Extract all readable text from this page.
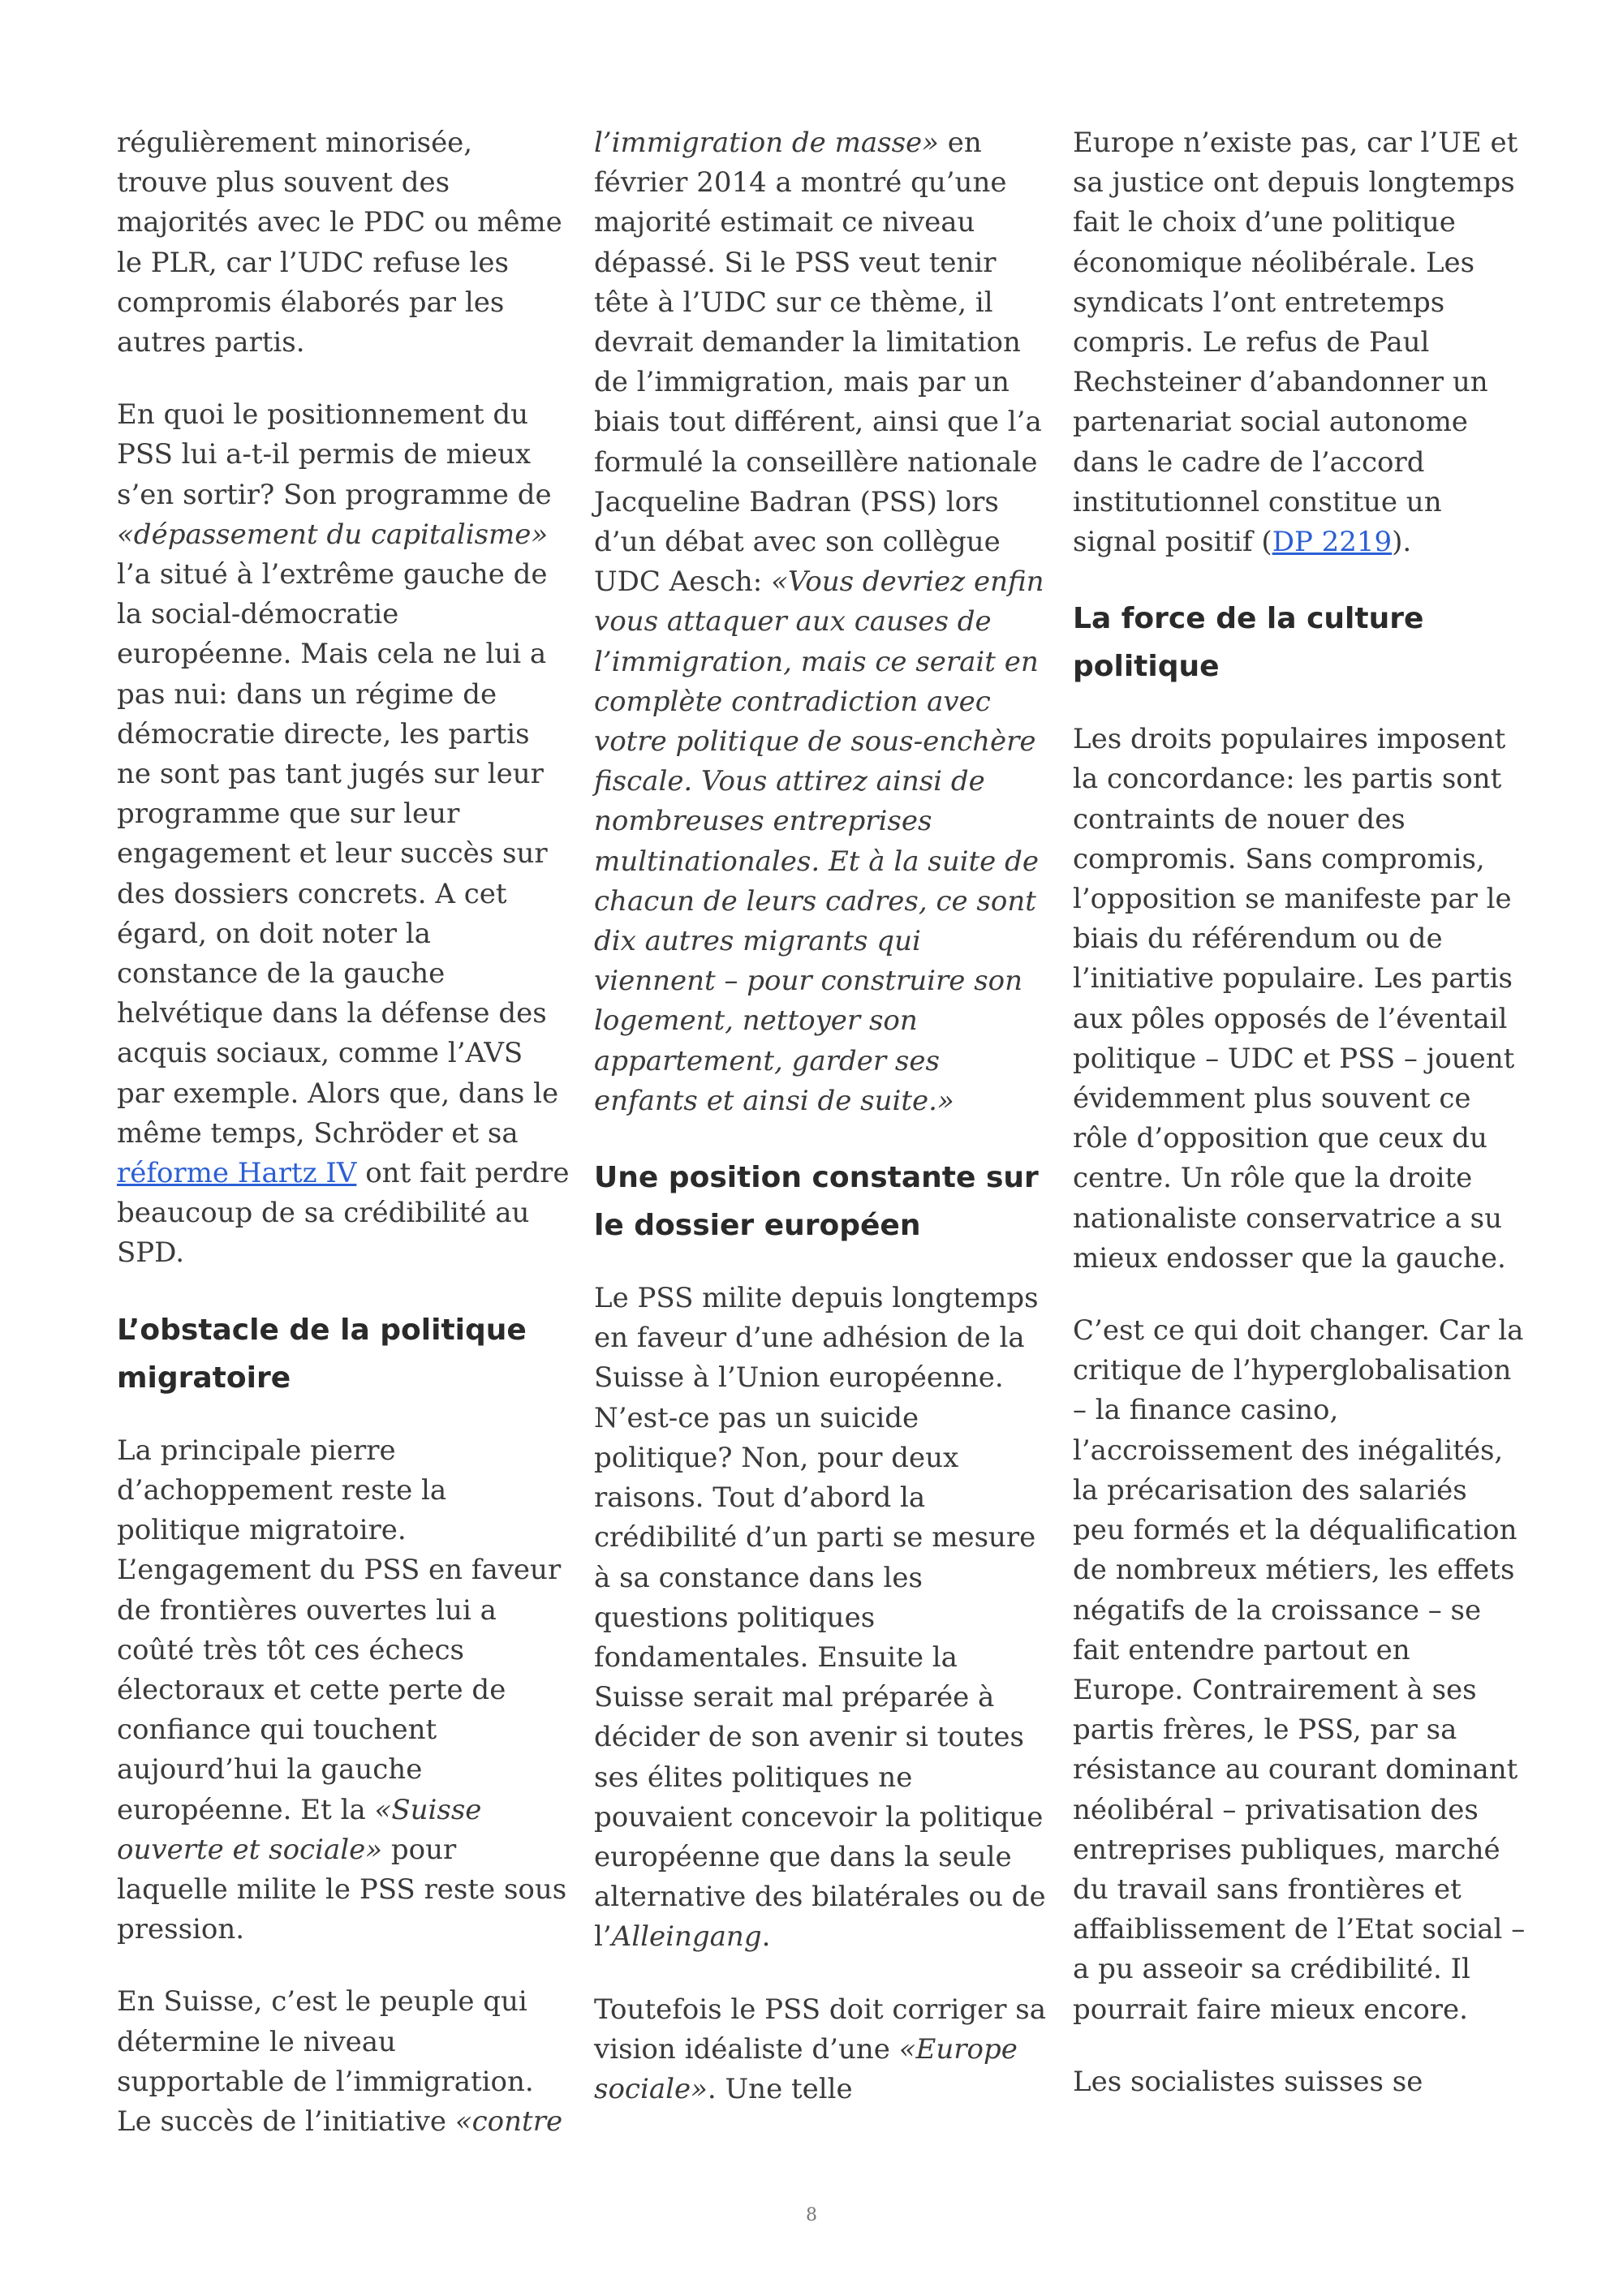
régulièrement minorisée, trouve plus souvent des majorités avec le PDC ou même le PLR, car l’UDC refuse les compromis élaborés par les autres partis.

En quoi le positionnement du PSS lui a-t-il permis de mieux s’en sortir? Son programme de «dépassement du capitalisme» l’a situé à l’extrême gauche de la social-démocratie européenne. Mais cela ne lui a pas nui: dans un régime de démocratie directe, les partis ne sont pas tant jugés sur leur programme que sur leur engagement et leur succès sur des dossiers concrets. A cet égard, on doit noter la constance de la gauche helvétique dans la défense des acquis sociaux, comme l’AVS par exemple. Alors que, dans le même temps, Schröder et sa réforme Hartz IV ont fait perdre beaucoup de sa crédibilité au SPD.

L’obstacle de la politique migratoire

La principale pierre d’achoppement reste la politique migratoire. L’engagement du PSS en faveur de frontières ouvertes lui a coûté très tôt ces échecs électoraux et cette perte de confiance qui touchent aujourd’hui la gauche européenne. Et la «Suisse ouverte et sociale» pour laquelle milite le PSS reste sous pression.

En Suisse, c’est le peuple qui détermine le niveau supportable de l’immigration. Le succès de l’initiative «contre

l’immigration de masse» en février 2014 a montré qu’une majorité estimait ce niveau dépassé. Si le PSS veut tenir tête à l’UDC sur ce thème, il devrait demander la limitation de l’immigration, mais par un biais tout différent, ainsi que l’a formulé la conseillère nationale Jacqueline Badran (PSS) lors d’un débat avec son collègue UDC Aesch: «Vous devriez enfin vous attaquer aux causes de l’immigration, mais ce serait en complète contradiction avec votre politique de sous-enchère fiscale. Vous attirez ainsi de nombreuses entreprises multinationales. Et à la suite de chacun de leurs cadres, ce sont dix autres migrants qui viennent – pour construire son logement, nettoyer son appartement, garder ses enfants et ainsi de suite.»

Une position constante sur le dossier européen

Le PSS milite depuis longtemps en faveur d’une adhésion de la Suisse à l’Union européenne. N’est-ce pas un suicide politique? Non, pour deux raisons. Tout d’abord la crédibilité d’un parti se mesure à sa constance dans les questions politiques fondamentales. Ensuite la Suisse serait mal préparée à décider de son avenir si toutes ses élites politiques ne pouvaient concevoir la politique européenne que dans la seule alternative des bilatérales ou de l’Alleingang.

Toutefois le PSS doit corriger sa vision idéaliste d’une «Europe sociale». Une telle

Europe n’existe pas, car l’UE et sa justice ont depuis longtemps fait le choix d’une politique économique néolibérale. Les syndicats l’ont entretemps compris. Le refus de Paul Rechsteiner d’abandonner un partenariat social autonome dans le cadre de l’accord institutionnel constitue un signal positif (DP 2219).

La force de la culture politique

Les droits populaires imposent la concordance: les partis sont contraints de nouer des compromis. Sans compromis, l’opposition se manifeste par le biais du référendum ou de l’initiative populaire. Les partis aux pôles opposés de l’éventail politique – UDC et PSS – jouent évidemment plus souvent ce rôle d’opposition que ceux du centre. Un rôle que la droite nationaliste conservatrice a su mieux endosser que la gauche.

C’est ce qui doit changer. Car la critique de l’hyperglobalisation – la finance casino, l’accroissement des inégalités, la précarisation des salariés peu formés et la déqualification de nombreux métiers, les effets négatifs de la croissance – se fait entendre partout en Europe. Contrairement à ses partis frères, le PSS, par sa résistance au courant dominant néolibéral – privatisation des entreprises publiques, marché du travail sans frontières et affaiblissement de l’Etat social – a pu asseoir sa crédibilité. Il pourrait faire mieux encore.

Les socialistes suisses se

8
